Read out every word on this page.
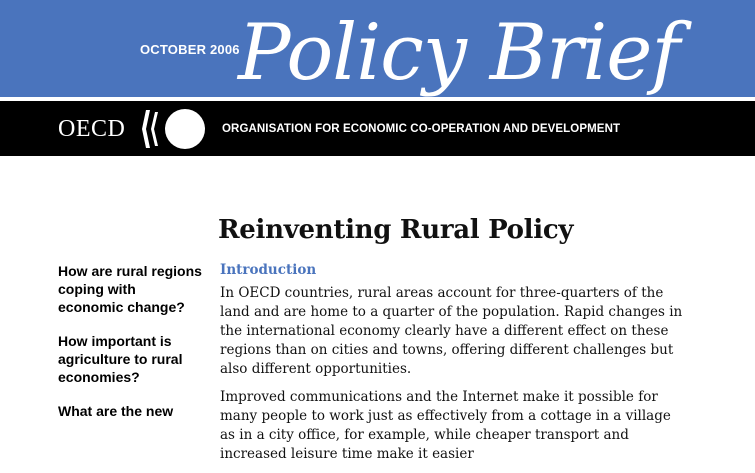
OCTOBER 2006
Policy Brief
OECD	ORGANISATION FOR ECONOMIC CO-OPERATION AND DEVELOPMENT
Reinventing Rural Policy

How are rural regions coping with economic change?

How important is agriculture to rural economies?

What are the new

Introduction

In OECD countries, rural areas account for three-quarters of the land and are home to a quarter of the population. Rapid changes in the international economy clearly have a different effect on these regions than on cities and towns, offering different challenges but also different opportunities.

Improved communications and the Internet make it possible for many people to work just as effectively from a cottage in a village as in a city office, for example, while cheaper transport and increased leisure time make it easier
